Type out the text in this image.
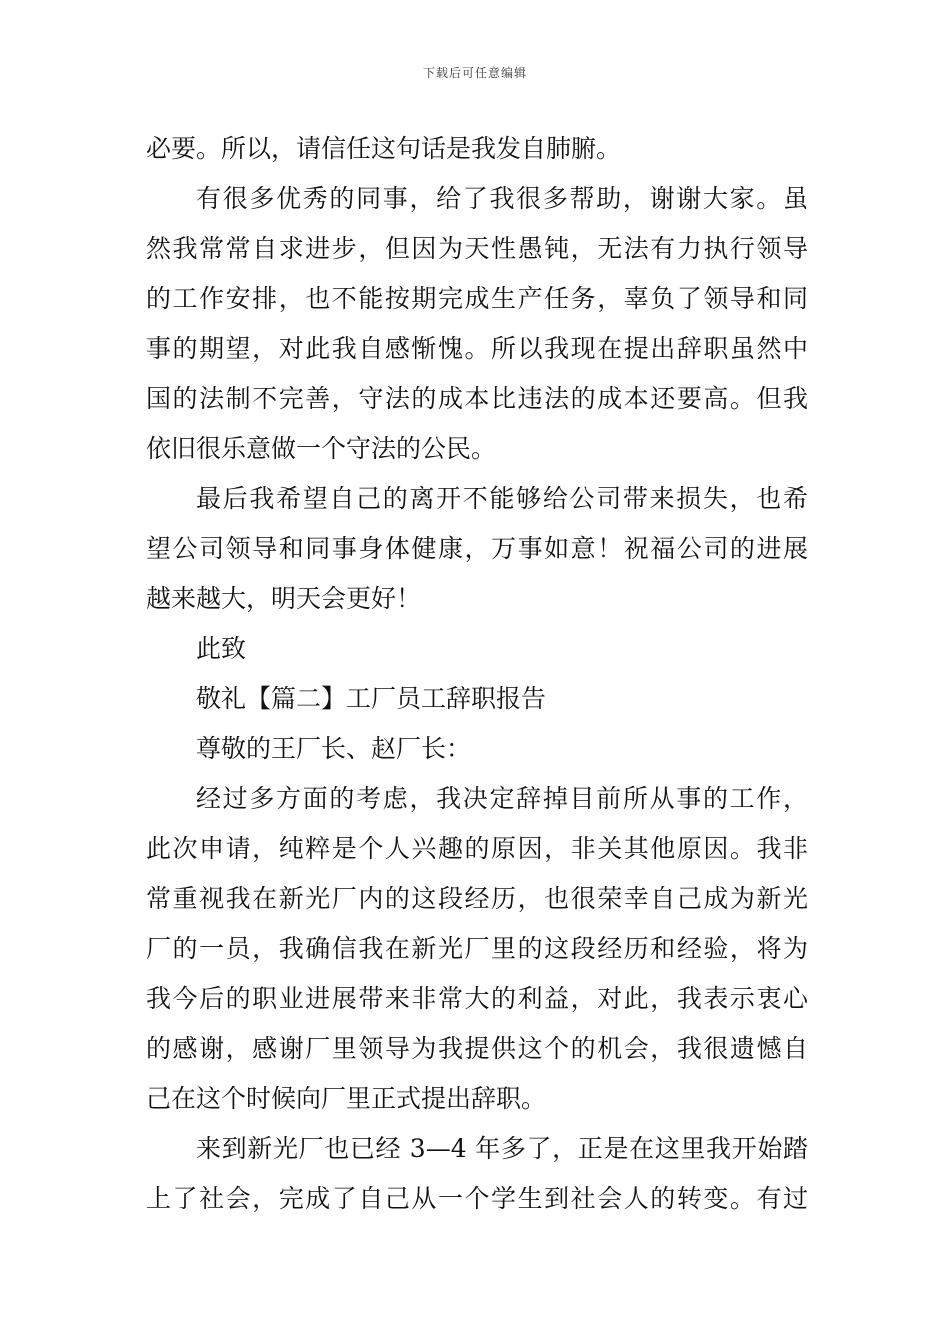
下载后可任意编辑
必要。所以，请信任这句话是我发自肺腑。
有很多优秀的同事，给了我很多帮助，谢谢大家。虽
然我常常自求进步，但因为天性愚钝，无法有力执行领导
的工作安排，也不能按期完成生产任务，辜负了领导和同
事的期望，对此我自感惭愧。所以我现在提出辞职虽然中
国的法制不完善，守法的成本比违法的成本还要高。但我
依旧很乐意做一个守法的公民。
最后我希望自己的离开不能够给公司带来损失，也希
望公司领导和同事身体健康，万事如意！祝福公司的进展
越来越大，明天会更好！
此致
敬礼【篇二】工厂员工辞职报告
尊敬的王厂长、赵厂长：
经过多方面的考虑，我决定辞掉目前所从事的工作，
此次申请，纯粹是个人兴趣的原因，非关其他原因。我非
常重视我在新光厂内的这段经历，也很荣幸自己成为新光
厂的一员，我确信我在新光厂里的这段经历和经验，将为
我今后的职业进展带来非常大的利益，对此，我表示衷心
的感谢，感谢厂里领导为我提供这个的机会，我很遗憾自
己在这个时候向厂里正式提出辞职。
来到新光厂也已经 3—4 年多了，正是在这里我开始踏
上了社会，完成了自己从一个学生到社会人的转变。有过
